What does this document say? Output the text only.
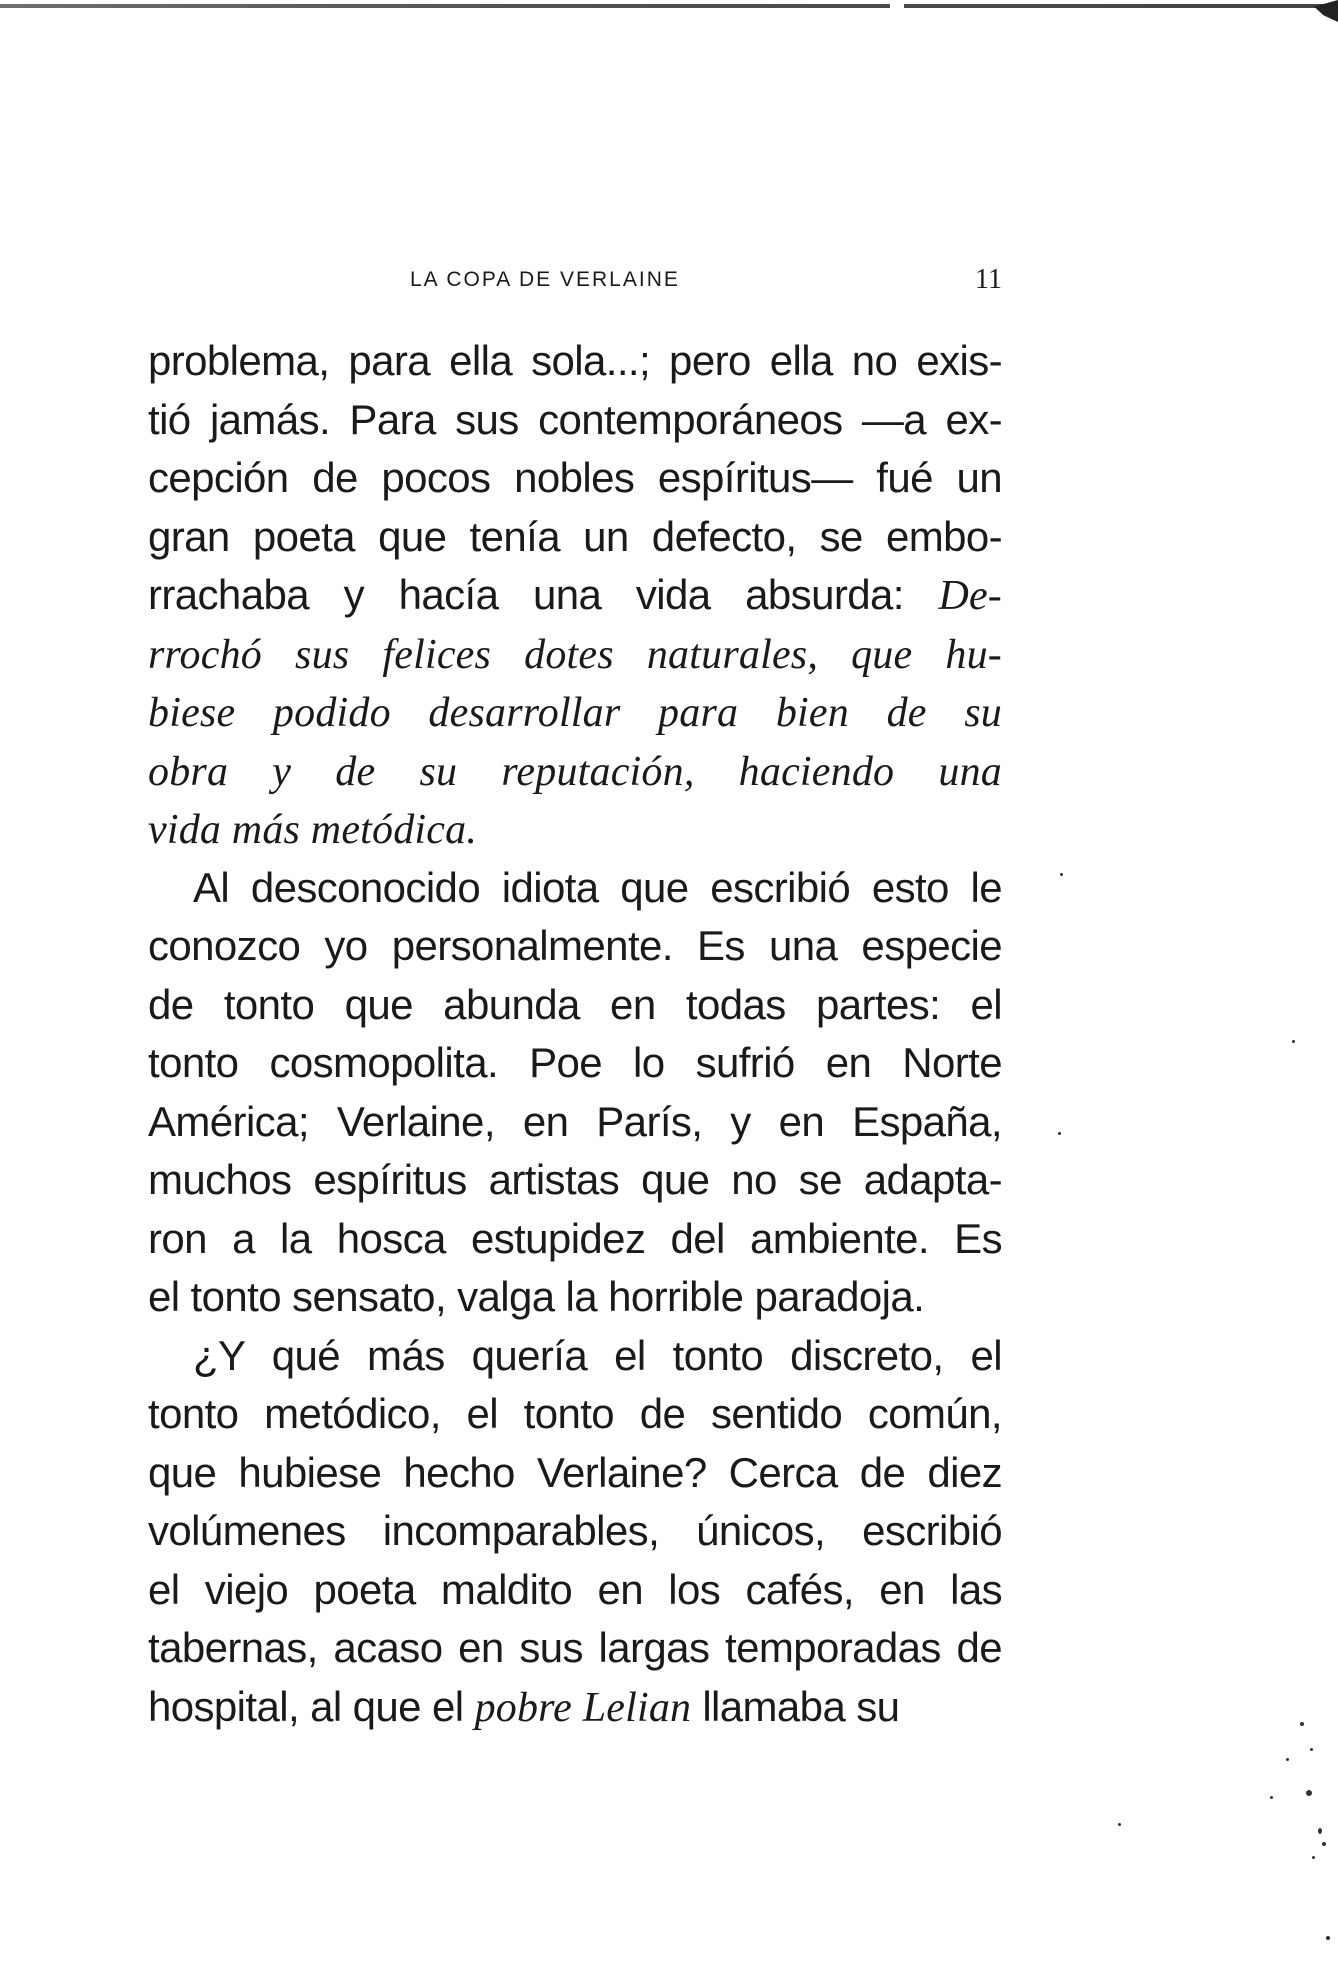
LA COPA DE VERLAINE	11
problema, para ella sola...; pero ella no exis-
tió jamás. Para sus contemporáneos —a ex-
cepción de pocos nobles espíritus— fué un
gran poeta que tenía un defecto, se embo-
rrachaba y hacía una vida absurda: De-
rrochó sus felices dotes naturales, que hu-
biese podido desarrollar para bien de su
obra y de su reputación, haciendo una
vida más metódica.
Al desconocido idiota que escribió esto le
conozco yo personalmente. Es una especie
de tonto que abunda en todas partes: el
tonto cosmopolita. Poe lo sufrió en Norte
América; Verlaine, en París, y en España,
muchos espíritus artistas que no se adapta-
ron a la hosca estupidez del ambiente. Es
el tonto sensato, valga la horrible paradoja.
¿Y qué más quería el tonto discreto, el
tonto metódico, el tonto de sentido común,
que hubiese hecho Verlaine? Cerca de diez
volúmenes incomparables, únicos, escribió
el viejo poeta maldito en los cafés, en las
tabernas, acaso en sus largas temporadas de
hospital, al que el pobre Lelian llamaba su
